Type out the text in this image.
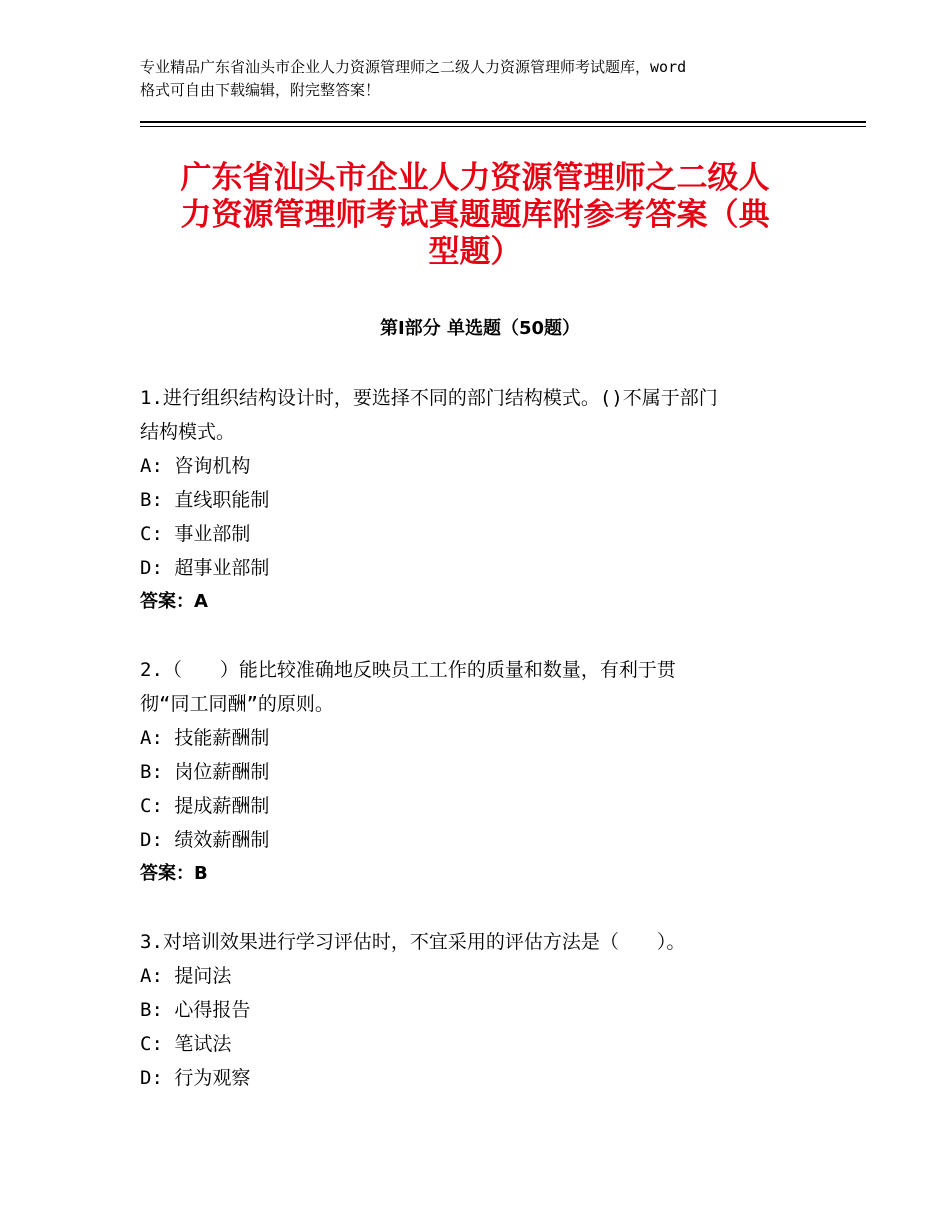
专业精品广东省汕头市企业人力资源管理师之二级人力资源管理师考试题库，word
格式可自由下载编辑，附完整答案！
广东省汕头市企业人力资源管理师之二级人
力资源管理师考试真题题库附参考答案（典
型题）
第Ⅰ部分 单选题（50题）

1.进行组织结构设计时，要选择不同的部门结构模式。()不属于部门
结构模式。

A: 咨询机构

B: 直线职能制

C: 事业部制

D: 超事业部制

答案：A

2.（　　）能比较准确地反映员工工作的质量和数量，有利于贯
彻“同工同酬”的原则。

A: 技能薪酬制

B: 岗位薪酬制

C: 提成薪酬制

D: 绩效薪酬制

答案：B

3.对培训效果进行学习评估时，不宜采用的评估方法是（　　）。

A: 提问法

B: 心得报告

C: 笔试法

D: 行为观察
